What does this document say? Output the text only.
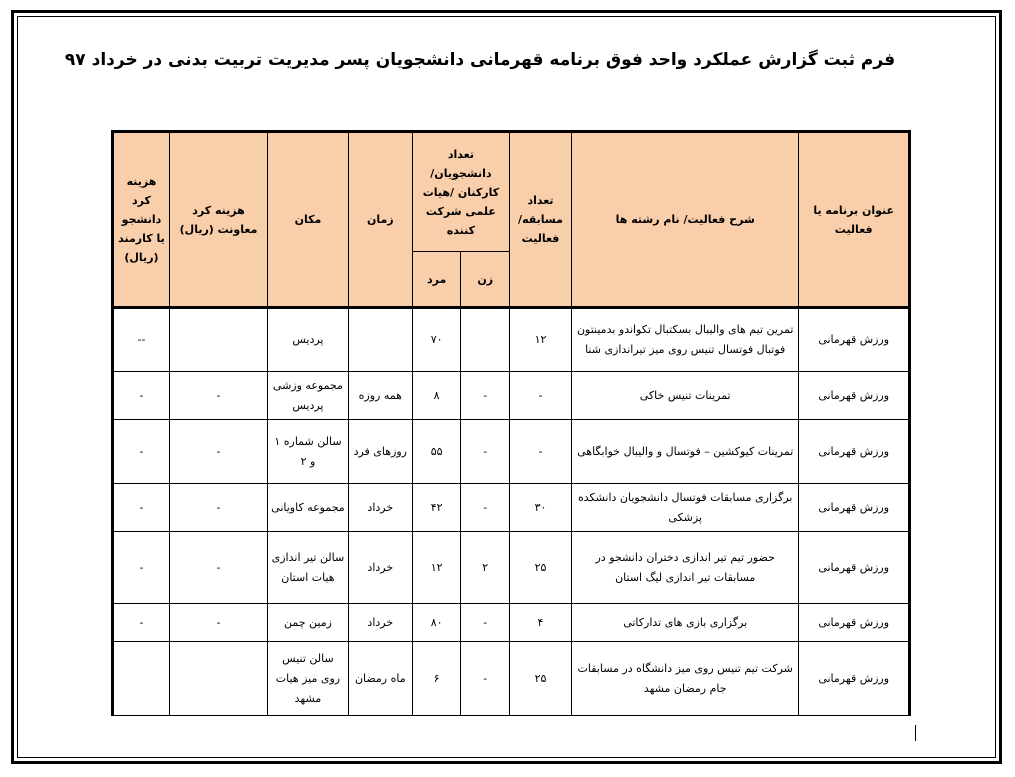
فرم ثبت گزارش عملکرد واحد فوق برنامه قهرمانی دانشجویان پسر مدیریت تربیت بدنی در خرداد ۹۷
عنوان برنامه یا فعالیت	شرح فعالیت/ نام رشته ها	تعداد مسابقه/ فعالیت	تعداد دانشجویان/ کارکنان /هیات علمی شرکت کننده		زمان	مکان	هزینه کرد معاونت (ریال)	هزینه کرد دانشجو یا کارمند (ریال)
			زن	مرد				
ورزش قهرمانی	تمرین تیم های والیبال بسکتبال تکواندو بدمینتون فوتبال فوتسال تنیس روی میز تیراندازی شنا	۱۲		۷۰		پردیس		--
ورزش قهرمانی	تمرینات تنیس خاکی	-	-	۸	همه روزه	مجموعه وزشی پردیس	-	-
ورزش قهرمانی	تمرینات کیوکشین – فوتسال و والیبال خوابگاهی	-	-	۵۵	روزهای فرد	سالن شماره ۱ و ۲	-	-
ورزش قهرمانی	برگزاری مسابقات فوتسال دانشجویان دانشکده پزشکی	۳۰	-	۴۲	خرداد	مجموعه کاویانی	-	-
ورزش قهرمانی	حضور تیم تیر اندازی دختران دانشجو در مسابقات تیر اندازی لیگ استان	۲۵	۲	۱۲	خرداد	سالن تیر اندازی هیات استان	-	-
ورزش قهرمانی	برگزاری بازی های تدارکاتی	۴	-	۸۰	خرداد	زمین چمن	-	-
ورزش قهرمانی	شرکت تیم تنیس روی میز دانشگاه در مسابقات جام رمضان مشهد	۲۵	-	۶	ماه رمضان	سالن تنیس روی میز هیات مشهد		
